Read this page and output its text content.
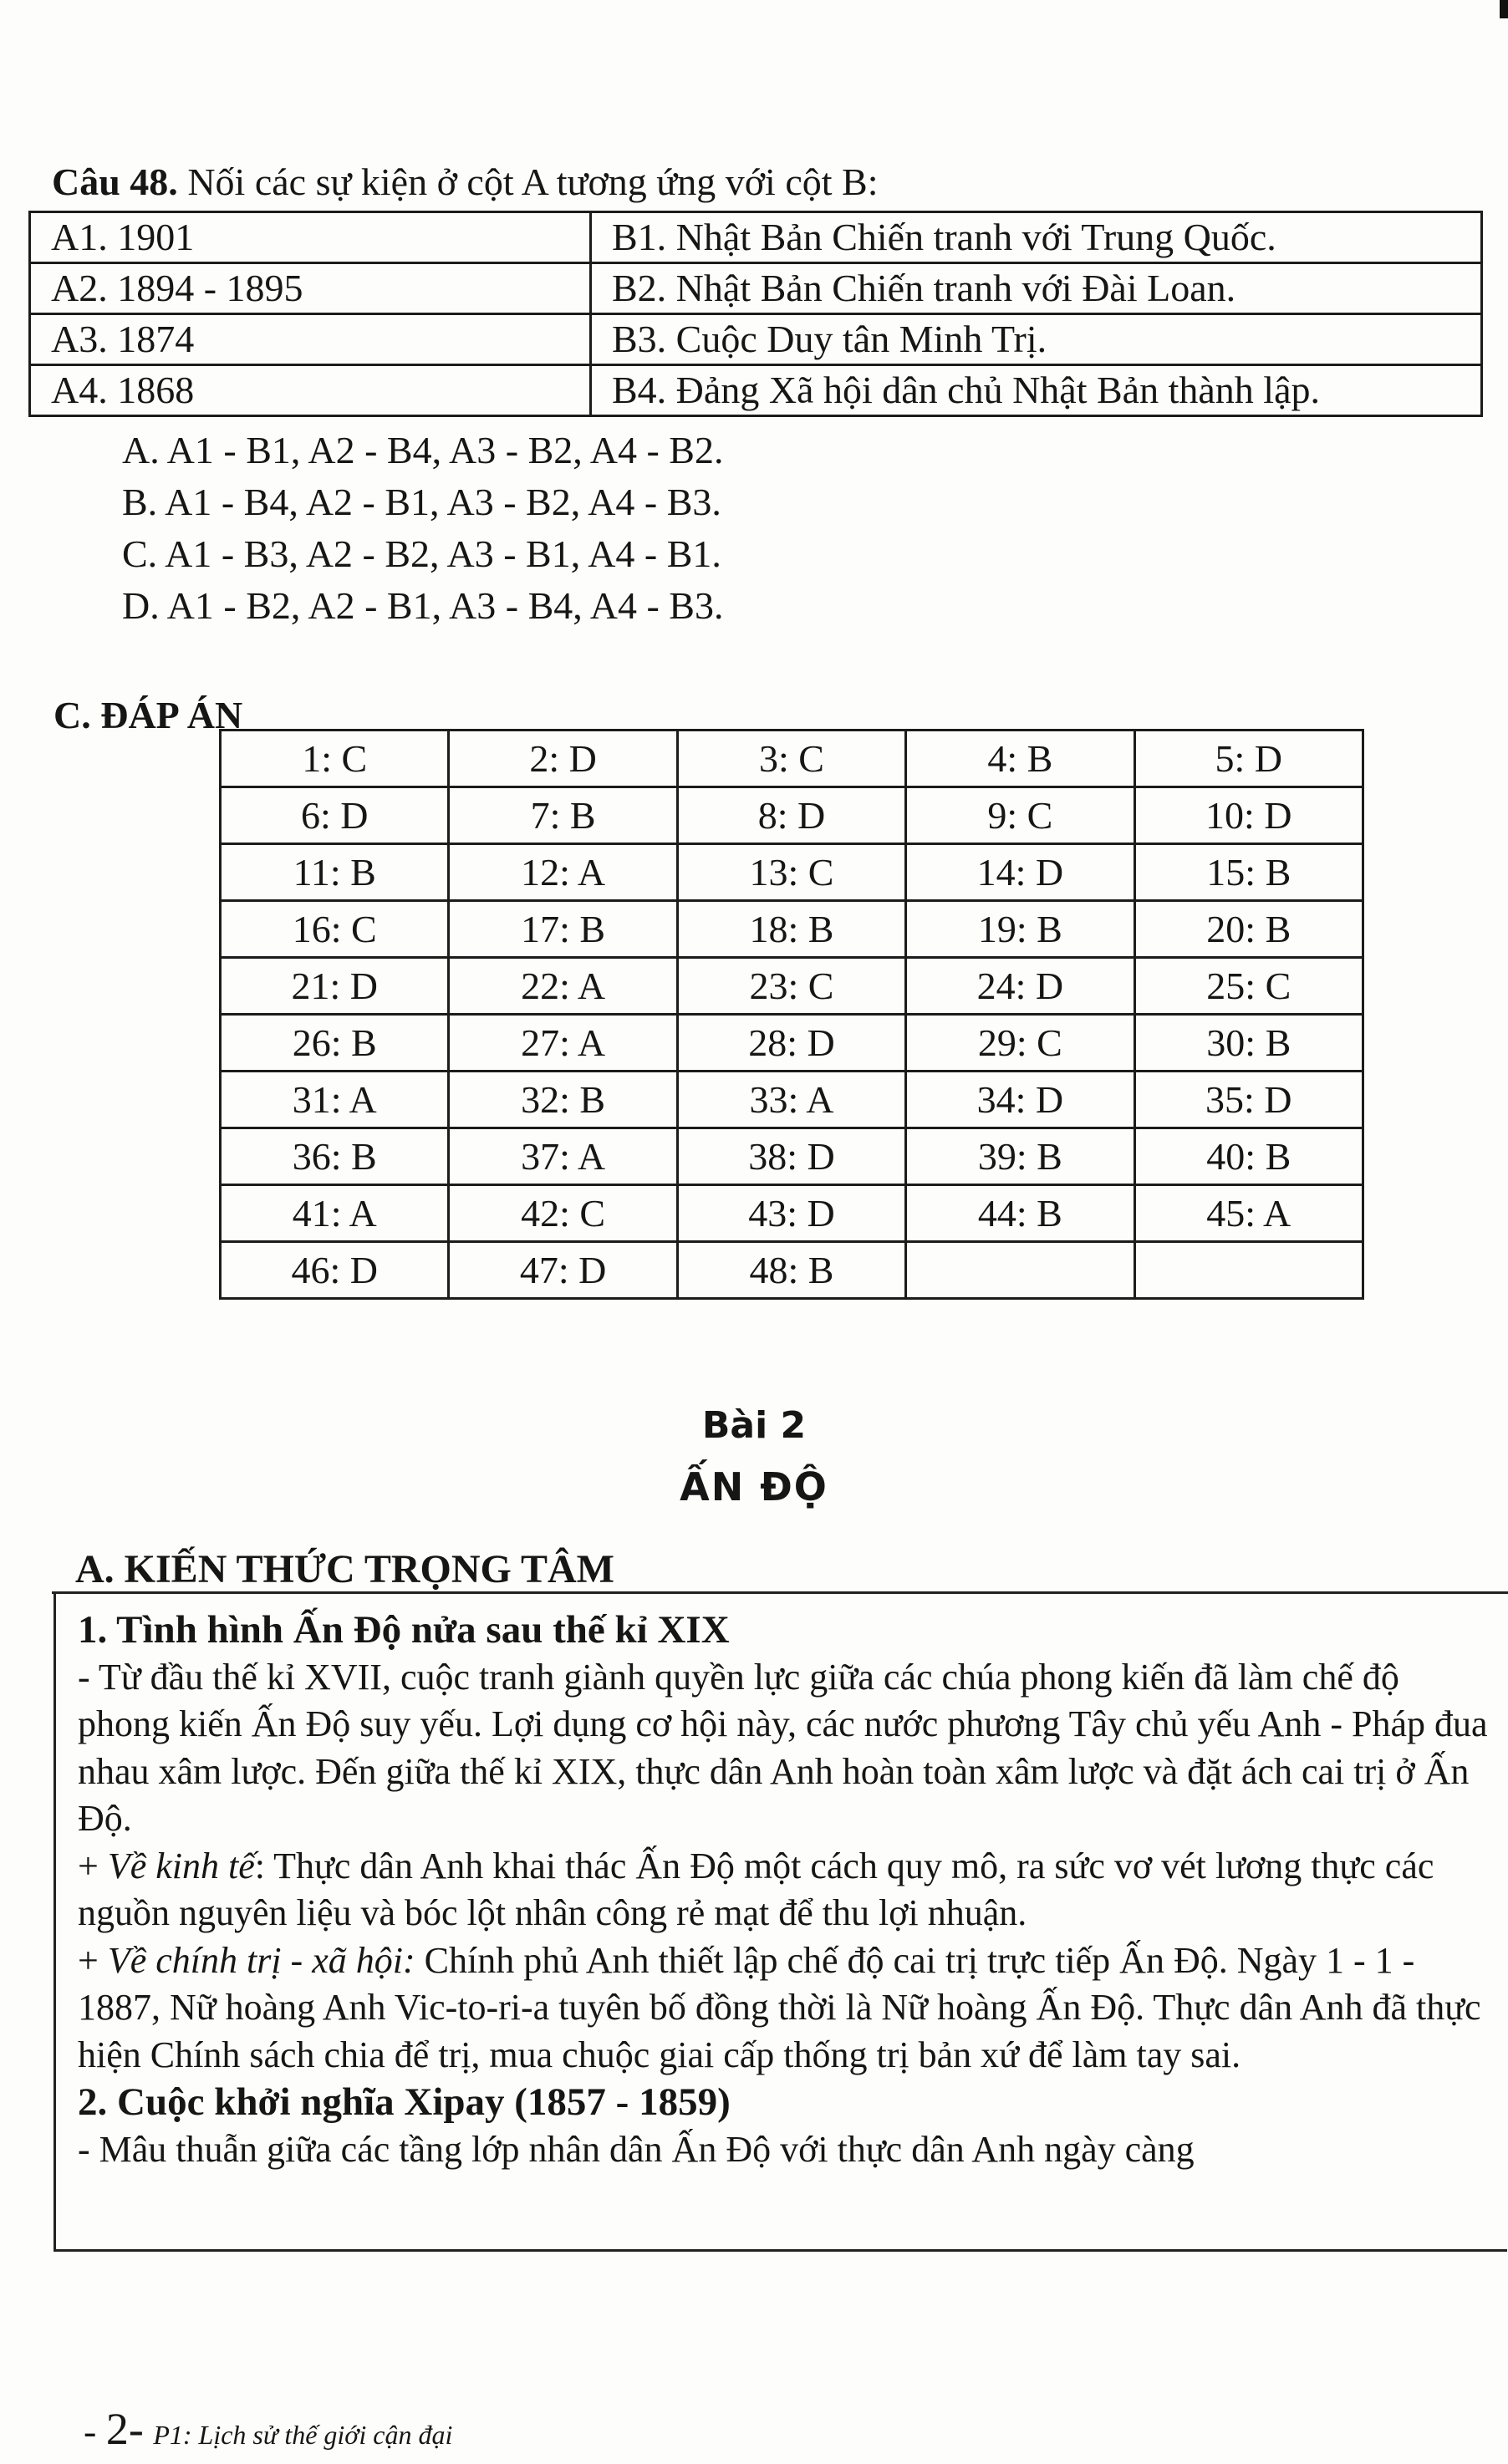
Câu 48. Nối các sự kiện ở cột A tương ứng với cột B:
A1. 1901	B1. Nhật Bản Chiến tranh với Trung Quốc.
A2. 1894 - 1895	B2. Nhật Bản Chiến tranh với Đài Loan.
A3. 1874	B3. Cuộc Duy tân Minh Trị.
A4. 1868	B4. Đảng Xã hội dân chủ Nhật Bản thành lập.
A. A1 - B1, A2 - B4, A3 - B2, A4 - B2.
B. A1 - B4, A2 - B1, A3 - B2, A4 - B3.
C. A1 - B3, A2 - B2, A3 - B1, A4 - B1.
D. A1 - B2, A2 - B1, A3 - B4, A4 - B3.
C. ĐÁP ÁN
1: C	2: D	3: C	4: B	5: D
6: D	7: B	8: D	9: C	10: D
11: B	12: A	13: C	14: D	15: B
16: C	17: B	18: B	19: B	20: B
21: D	22: A	23: C	24: D	25: C
26: B	27: A	28: D	29: C	30: B
31: A	32: B	33: A	34: D	35: D
36: B	37: A	38: D	39: B	40: B
41: A	42: C	43: D	44: B	45: A
46: D	47: D	48: B		
Bài 2
ẤN ĐỘ
A. KIẾN THỨC TRỌNG TÂM

1. Tình hình Ấn Độ nửa sau thế kỉ XIX

- Từ đầu thế kỉ XVII, cuộc tranh giành quyền lực giữa các chúa phong kiến đã làm chế độ phong kiến Ấn Độ suy yếu. Lợi dụng cơ hội này, các nước phương Tây chủ yếu Anh - Pháp đua nhau xâm lược. Đến giữa thế kỉ XIX, thực dân Anh hoàn toàn xâm lược và đặt ách cai trị ở Ấn Độ.

+ Về kinh tế: Thực dân Anh khai thác Ấn Độ một cách quy mô, ra sức vơ vét lương thực các nguồn nguyên liệu và bóc lột nhân công rẻ mạt để thu lợi nhuận.

+ Về chính trị - xã hội: Chính phủ Anh thiết lập chế độ cai trị trực tiếp Ấn Độ. Ngày 1 - 1 - 1887, Nữ hoàng Anh Vic-to-ri-a tuyên bố đồng thời là Nữ hoàng Ấn Độ. Thực dân Anh đã thực hiện Chính sách chia để trị, mua chuộc giai cấp thống trị bản xứ để làm tay sai.

2. Cuộc khởi nghĩa Xipay (1857 - 1859)

- Mâu thuẫn giữa các tầng lớp nhân dân Ấn Độ với thực dân Anh ngày càng

- 2- P1: Lịch sử thế giới cận đại
